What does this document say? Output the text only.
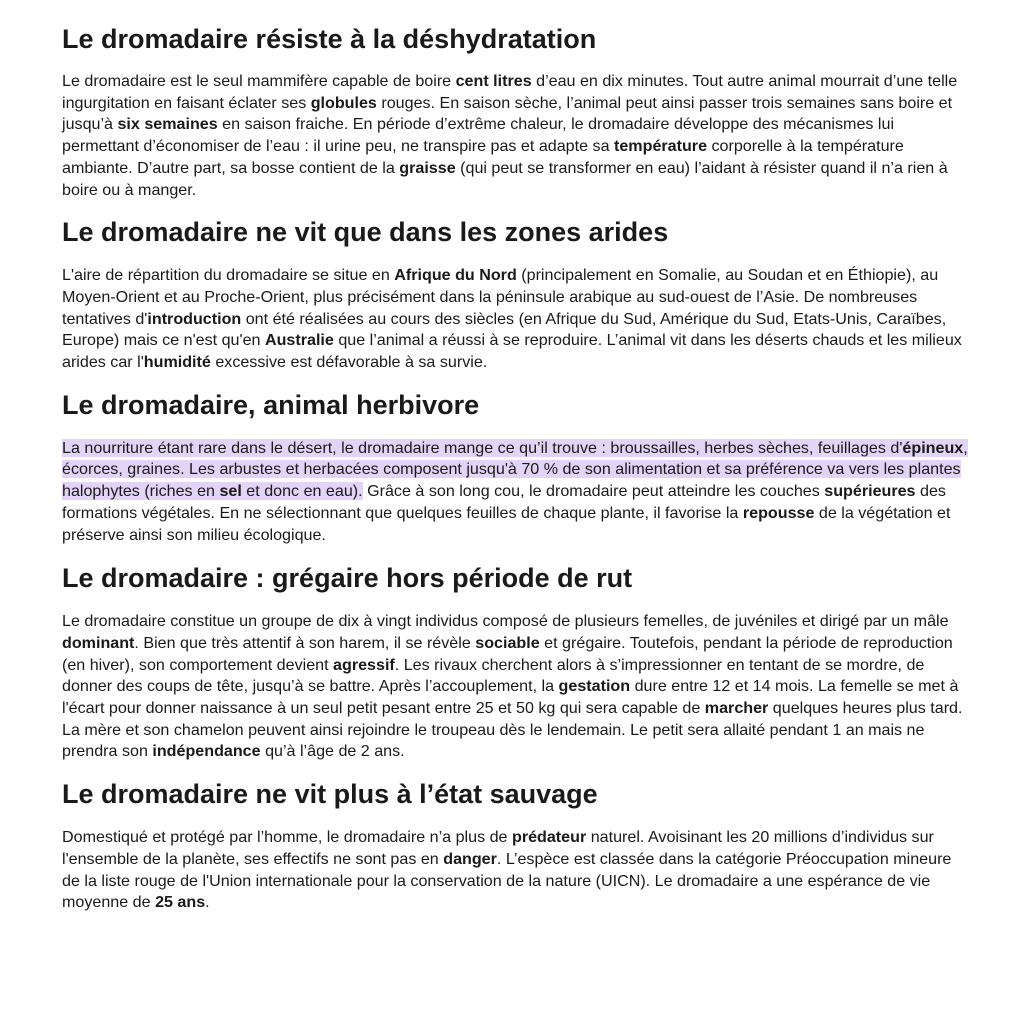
Le dromadaire résiste à la déshydratation

Le dromadaire est le seul mammifère capable de boire cent litres d’eau en dix minutes. Tout autre animal mourrait d’une telle ingurgitation en faisant éclater ses globules rouges. En saison sèche, l’animal peut ainsi passer trois semaines sans boire et jusqu’à six semaines en saison fraiche. En période d’extrême chaleur, le dromadaire développe des mécanismes lui permettant d’économiser de l’eau : il urine peu, ne transpire pas et adapte sa température corporelle à la température ambiante. D’autre part, sa bosse contient de la graisse (qui peut se transformer en eau) l’aidant à résister quand il n’a rien à boire ou à manger.

Le dromadaire ne vit que dans les zones arides

L'aire de répartition du dromadaire se situe en Afrique du Nord (principalement en Somalie, au Soudan et en Éthiopie), au Moyen-Orient et au Proche-Orient, plus précisément dans la péninsule arabique au sud-ouest de l’Asie. De nombreuses tentatives d'introduction ont été réalisées au cours des siècles (en Afrique du Sud, Amérique du Sud, Etats-Unis, Caraïbes, Europe) mais ce n'est qu'en Australie que l’animal a réussi à se reproduire. L’animal vit dans les déserts chauds et les milieux arides car l'humidité excessive est défavorable à sa survie.

Le dromadaire, animal herbivore

La nourriture étant rare dans le désert, le dromadaire mange ce qu’il trouve : broussailles, herbes sèches, feuillages d'épineux, écorces, graines. Les arbustes et herbacées composent jusqu'à 70 % de son alimentation et sa préférence va vers les plantes halophytes (riches en sel et donc en eau). Grâce à son long cou, le dromadaire peut atteindre les couches supérieures des formations végétales. En ne sélectionnant que quelques feuilles de chaque plante, il favorise la repousse de la végétation et préserve ainsi son milieu écologique.

Le dromadaire : grégaire hors période de rut

Le dromadaire constitue un groupe de dix à vingt individus composé de plusieurs femelles, de juvéniles et dirigé par un mâle dominant. Bien que très attentif à son harem, il se révèle sociable et grégaire. Toutefois, pendant la période de reproduction (en hiver), son comportement devient agressif. Les rivaux cherchent alors à s’impressionner en tentant de se mordre, de donner des coups de tête, jusqu’à se battre. Après l’accouplement, la gestation dure entre 12 et 14 mois. La femelle se met à l'écart pour donner naissance à un seul petit pesant entre 25 et 50 kg qui sera capable de marcher quelques heures plus tard. La mère et son chamelon peuvent ainsi rejoindre le troupeau dès le lendemain. Le petit sera allaité pendant 1 an mais ne prendra son indépendance qu’à l’âge de 2 ans.

Le dromadaire ne vit plus à l’état sauvage

Domestiqué et protégé par l’homme, le dromadaire n’a plus de prédateur naturel. Avoisinant les 20 millions d’individus sur l'ensemble de la planète, ses effectifs ne sont pas en danger. L’espèce est classée dans la catégorie Préoccupation mineure de la liste rouge de l'Union internationale pour la conservation de la nature (UICN). Le dromadaire a une espérance de vie moyenne de 25 ans.
